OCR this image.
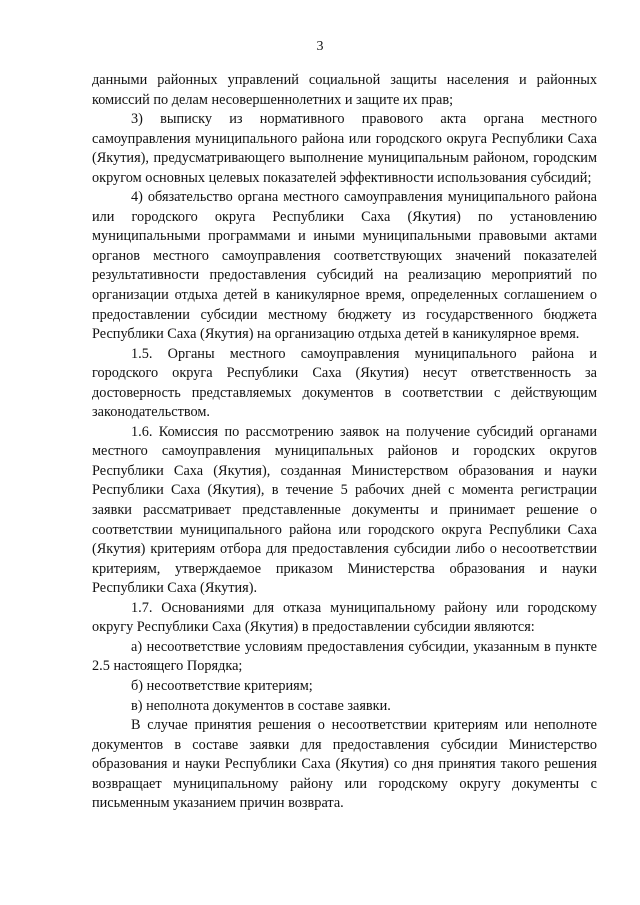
3

данными районных управлений социальной защиты населения и районных комиссий по делам несовершеннолетних и защите их прав;

3) выписку из нормативного правового акта органа местного самоуправления муниципального района или городского округа Республики Саха (Якутия), предусматривающего выполнение муниципальным районом, городским округом основных целевых показателей эффективности использования субсидий;

4) обязательство органа местного самоуправления муниципального района или городского округа Республики Саха (Якутия) по установлению муниципальными программами и иными муниципальными правовыми актами органов местного самоуправления соответствующих значений показателей результативности предоставления субсидий на реализацию мероприятий по организации отдыха детей в каникулярное время, определенных соглашением о предоставлении субсидии местному бюджету из государственного бюджета Республики Саха (Якутия) на организацию отдыха детей в каникулярное время.

1.5. Органы местного самоуправления муниципального района и городского округа Республики Саха (Якутия) несут ответственность за достоверность представляемых документов в соответствии с действующим законодательством.

1.6. Комиссия по рассмотрению заявок на получение субсидий органами местного самоуправления муниципальных районов и городских округов Республики Саха (Якутия), созданная Министерством образования и науки Республики Саха (Якутия), в течение 5 рабочих дней с момента регистрации заявки рассматривает представленные документы и принимает решение о соответствии муниципального района или городского округа Республики Саха (Якутия) критериям отбора для предоставления субсидии либо о несоответствии критериям, утверждаемое приказом Министерства образования и науки Республики Саха (Якутия).

1.7. Основаниями для отказа муниципальному району или городскому округу Республики Саха (Якутия) в предоставлении субсидии являются:

а) несоответствие условиям предоставления субсидии, указанным в пункте 2.5 настоящего Порядка;

б) несоответствие критериям;

в) неполнота документов в составе заявки.

В случае принятия решения о несоответствии критериям или неполноте документов в составе заявки для предоставления субсидии Министерство образования и науки Республики Саха (Якутия) со дня принятия такого решения возвращает муниципальному району или городскому округу документы с письменным указанием причин возврата.
